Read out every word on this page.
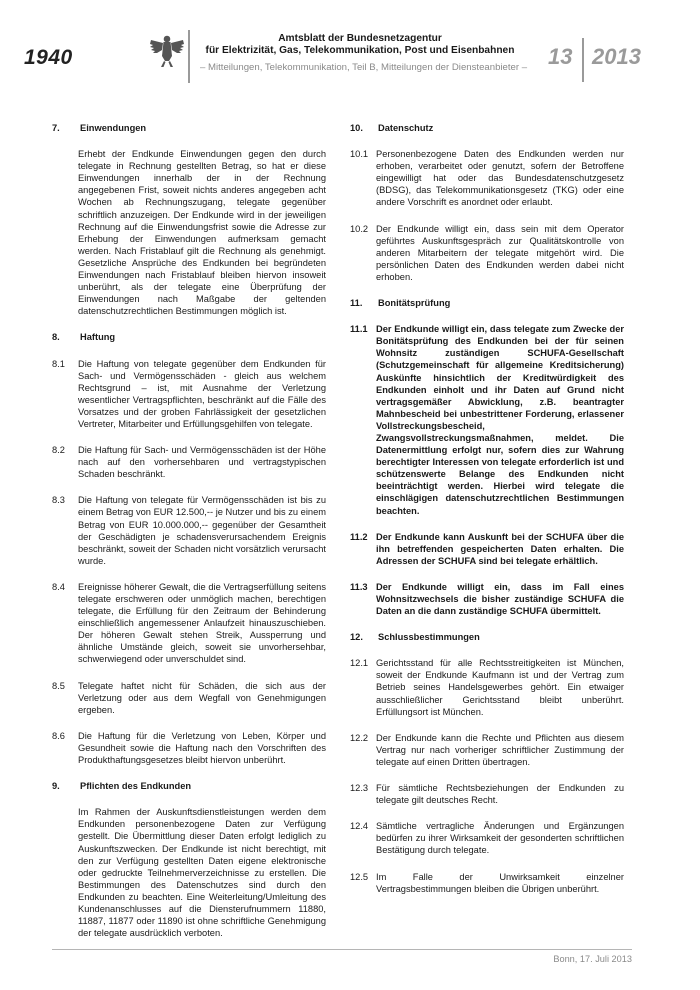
1940
Amtsblatt der Bundesnetzagentur
für Elektrizität, Gas, Telekommunikation, Post und Eisenbahnen
– Mitteilungen, Telekommunikation, Teil B, Mitteilungen der Diensteanbieter – 13 2013
7.	Einwendungen
Erhebt der Endkunde Einwendungen gegen den durch telegate in Rechnung gestellten Betrag, so hat er diese Einwendungen innerhalb der in der Rechnung angegebenen Frist, soweit nichts anderes angegeben acht Wochen ab Rechnungszugang, telegate gegenüber schriftlich anzuzeigen. Der Endkunde wird in der jeweiligen Rechnung auf die Einwendungsfrist sowie die Adresse zur Erhebung der Einwendungen aufmerksam gemacht werden. Nach Fristablauf gilt die Rechnung als genehmigt. Gesetzliche Ansprüche des Endkunden bei begründeten Einwendungen nach Fristablauf bleiben hiervon insoweit unberührt, als der telegate eine Überprüfung der Einwendungen nach Maßgabe der geltenden datenschutzrechtlichen Bestimmungen möglich ist.
8.	Haftung
8.1	Die Haftung von telegate gegenüber dem Endkunden für Sach- und Vermögensschäden - gleich aus welchem Rechtsgrund – ist, mit Ausnahme der Verletzung wesentlicher Vertragspflichten, beschränkt auf die Fälle des Vorsatzes und der groben Fahrlässigkeit der gesetzlichen Vertreter, Mitarbeiter und Erfüllungsgehilfen von telegate.
8.2	Die Haftung für Sach- und Vermögensschäden ist der Höhe nach auf den vorhersehbaren und vertragstypischen Schaden beschränkt.
8.3	Die Haftung von telegate für Vermögensschäden ist bis zu einem Betrag von EUR 12.500,-- je Nutzer und bis zu einem Betrag von EUR 10.000.000,-- gegenüber der Gesamtheit der Geschädigten je schadensverursachendem Ereignis beschränkt, soweit der Schaden nicht vorsätzlich verursacht wurde.
8.4	Ereignisse höherer Gewalt, die die Vertragserfüllung seitens telegate erschweren oder unmöglich machen, berechtigen telegate, die Erfüllung für den Zeitraum der Behinderung einschließlich angemessener Anlaufzeit hinauszuschieben. Der höheren Gewalt stehen Streik, Aussperrung und ähnliche Umstände gleich, soweit sie unvorhersehbar, schwerwiegend oder unverschuldet sind.
8.5	Telegate haftet nicht für Schäden, die sich aus der Verletzung oder aus dem Wegfall von Genehmigungen ergeben.
8.6	Die Haftung für die Verletzung von Leben, Körper und Gesundheit sowie die Haftung nach den Vorschriften des Produkthaftungsgesetzes bleibt hiervon unberührt.
9.	Pflichten des Endkunden
Im Rahmen der Auskunftsdienstleistungen werden dem Endkunden personenbezogene Daten zur Verfügung gestellt. Die Übermittlung dieser Daten erfolgt lediglich zu Auskunftszwecken. Der Endkunde ist nicht berechtigt, mit den zur Verfügung gestellten Daten eigene elektronische oder gedruckte Teilnehmerverzeichnisse zu erstellen. Die Bestimmungen des Datenschutzes sind durch den Endkunden zu beachten. Eine Weiterleitung/Umleitung des Kundenanschlusses auf die Diensterufnummern 11880, 11887, 11877 oder 11890 ist ohne schriftliche Genehmigung der telegate ausdrücklich verboten.
10.	Datenschutz
10.1 Personenbezogene Daten des Endkunden werden nur erhoben, verarbeitet oder genutzt, sofern der Betroffene eingewilligt hat oder das Bundesdatenschutzgesetz (BDSG), das Telekommunikationsgesetz (TKG) oder eine andere Vorschrift es anordnet oder erlaubt.
10.2 Der Endkunde willigt ein, dass sein mit dem Operator geführtes Auskunftsgespräch zur Qualitätskontrolle von anderen Mitarbeitern der telegate mitgehört wird. Die persönlichen Daten des Endkunden werden dabei nicht erhoben.
11.	Bonitätsprüfung
11.1 Der Endkunde willigt ein, dass telegate zum Zwecke der Bonitätsprüfung des Endkunden bei der für seinen Wohnsitz zuständigen SCHUFA-Gesellschaft (Schutzgemeinschaft für allgemeine Kreditsicherung) Auskünfte hinsichtlich der Kreditwürdigkeit des Endkunden einholt und ihr Daten auf Grund nicht vertragsgemäßer Abwicklung, z.B. beantragter Mahnbescheid bei unbestrittener Forderung, erlassener Vollstreckungsbescheid, Zwangsvollstreckungsmaßnahmen, meldet. Die Datenermittlung erfolgt nur, sofern dies zur Wahrung berechtigter Interessen von telegate erforderlich ist und schützenswerte Belange des Endkunden nicht beeinträchtigt werden. Hierbei wird telegate die einschlägigen datenschutzrechtlichen Bestimmungen beachten.
11.2 Der Endkunde kann Auskunft bei der SCHUFA über die ihn betreffenden gespeicherten Daten erhalten. Die Adressen der SCHUFA sind bei telegate erhältlich.
11.3 Der Endkunde willigt ein, dass im Fall eines Wohnsitzwechsels die bisher zuständige SCHUFA die Daten an die dann zuständige SCHUFA übermittelt.
12.	Schlussbestimmungen
12.1 Gerichtsstand für alle Rechtsstreitigkeiten ist München, soweit der Endkunde Kaufmann ist und der Vertrag zum Betrieb seines Handelsgewerbes gehört. Ein etwaiger ausschließlicher Gerichtsstand bleibt unberührt. Erfüllungsort ist München.
12.2 Der Endkunde kann die Rechte und Pflichten aus diesem Vertrag nur nach vorheriger schriftlicher Zustimmung der telegate auf einen Dritten übertragen.
12.3 Für sämtliche Rechtsbeziehungen der Endkunden zu telegate gilt deutsches Recht.
12.4 Sämtliche vertragliche Änderungen und Ergänzungen bedürfen zu ihrer Wirksamkeit der gesonderten schriftlichen Bestätigung durch telegate.
12.5 Im Falle der Unwirksamkeit einzelner Vertragsbestimmungen bleiben die Übrigen unberührt.
Bonn, 17. Juli 2013
